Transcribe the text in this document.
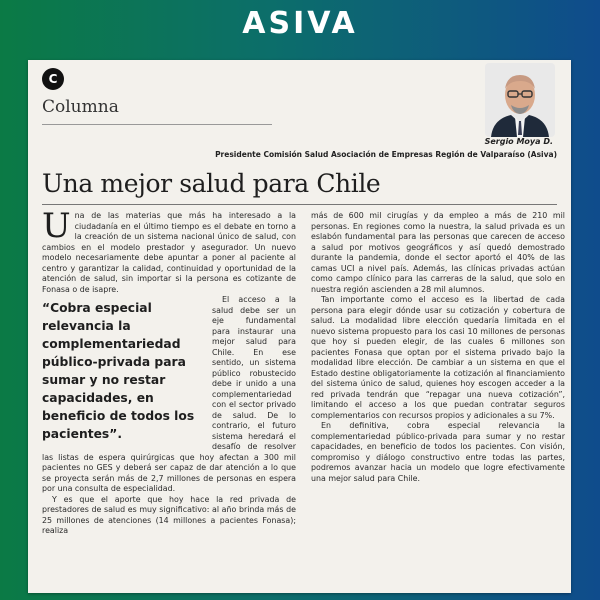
ASIVA
C
Columna
Sergio Moya D.
Presidente Comisión Salud Asociación de Empresas Región de Valparaíso (Asiva)
Una mejor salud para Chile

Una de las materias que más ha interesado a la ciudadanía en el último tiempo es el debate en torno a la creación de un sistema nacional único de salud, con cambios en el modelo prestador y asegurador. Un nuevo modelo necesariamente debe apuntar a poner al paciente al centro y garantizar la calidad, continuidad y oportunidad de la atención de salud, sin importar si la persona es cotizante de Fonasa o de isapre.

“Cobra especial relevancia la complementariedad público-privada para sumar y no restar capacidades, en beneficio de todos los pacientes”.

El acceso a la salud debe ser un eje fundamental para instaurar una mejor salud para Chile. En ese sentido, un sistema público robustecido debe ir unido a una complementariedad con el sector privado de salud. De lo contrario, el futuro sistema heredará el desafío de resolver las listas de espera quirúrgicas que hoy afectan a 300 mil pacientes no GES y deberá ser capaz de dar atención a lo que se proyecta serán más de 2,7 millones de personas en espera por una consulta de especialidad.

Y es que el aporte que hoy hace la red privada de prestadores de salud es muy significativo: al año brinda más de 25 millones de atenciones (14 millones a pacientes Fonasa); realiza

más de 600 mil cirugías y da empleo a más de 210 mil personas. En regiones como la nuestra, la salud privada es un eslabón fundamental para las personas que carecen de acceso a salud por motivos geográficos y así quedó demostrado durante la pandemia, donde el sector aportó el 40% de las camas UCI a nivel país. Además, las clínicas privadas actúan como campo clínico para las carreras de la salud, que solo en nuestra región ascienden a 28 mil alumnos.

Tan importante como el acceso es la libertad de cada persona para elegir dónde usar su cotización y cobertura de salud. La modalidad libre elección quedaría limitada en el nuevo sistema propuesto para los casi 10 millones de personas que hoy si pueden elegir, de las cuales 6 millones son pacientes Fonasa que optan por el sistema privado bajo la modalidad libre elección. De cambiar a un sistema en que el Estado destine obligatoriamente la cotización al financiamiento del sistema único de salud, quienes hoy escogen acceder a la red privada tendrán que “repagar una nueva cotización”, limitando el acceso a los que puedan contratar seguros complementarios con recursos propios y adicionales a su 7%.

En definitiva, cobra especial relevancia la complementariedad público-privada para sumar y no restar capacidades, en beneficio de todos los pacientes. Con visión, compromiso y diálogo constructivo entre todas las partes, podremos avanzar hacia un modelo que logre efectivamente una mejor salud para Chile.
